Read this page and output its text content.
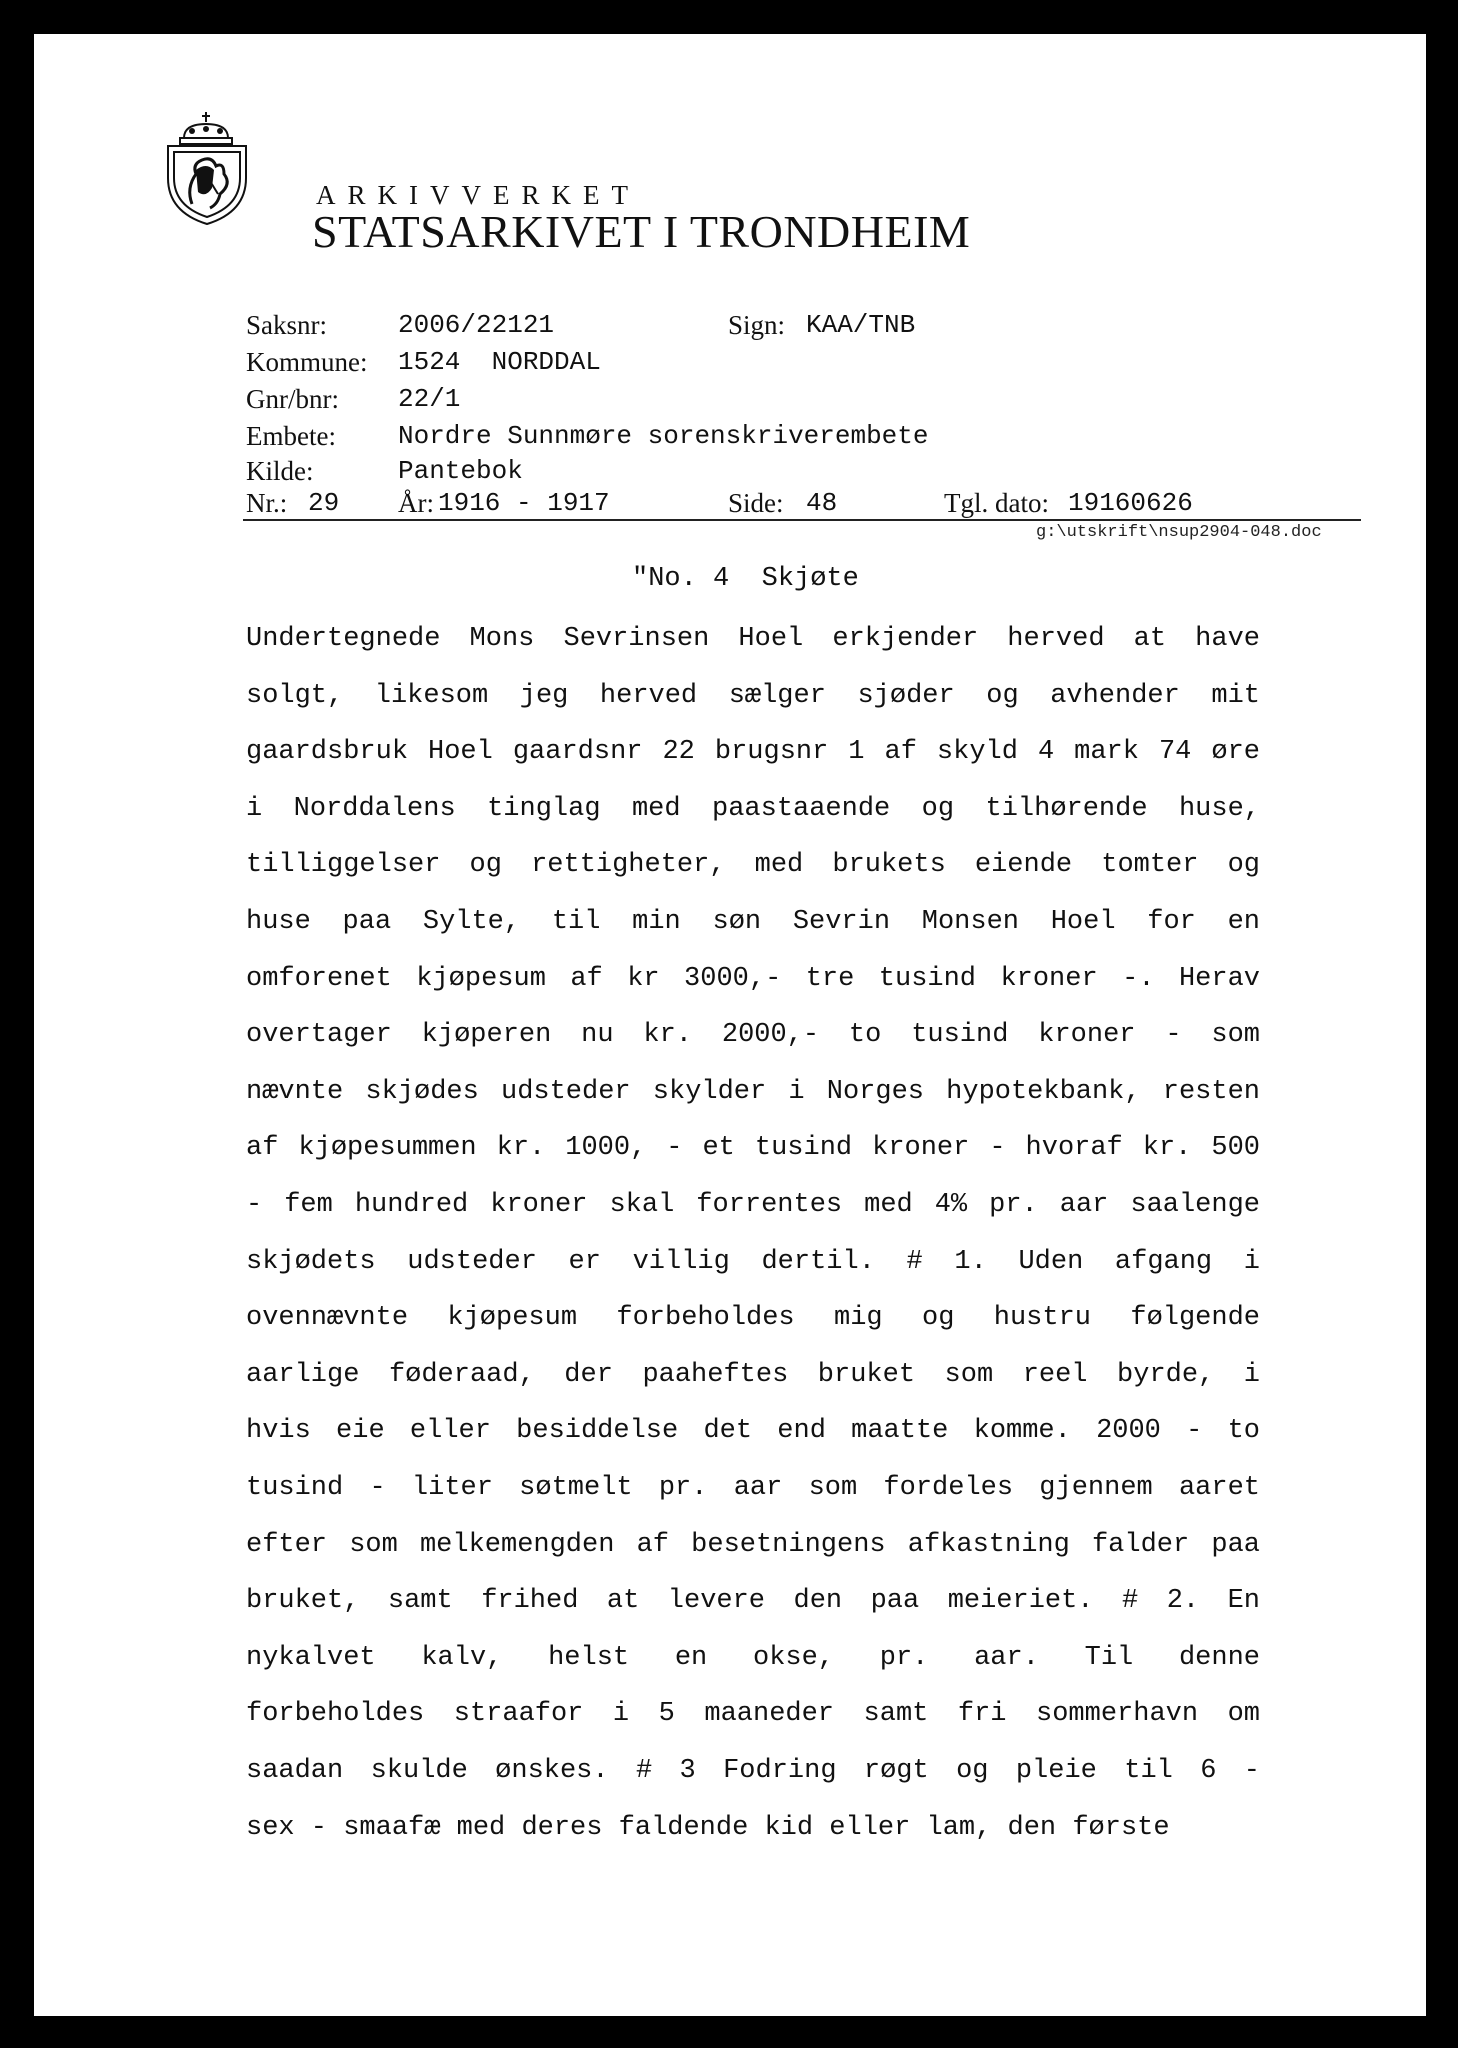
ARKIVVERKET
STATSARKIVET I TRONDHEIM
Saksnr:	2006/22121	Sign: KAA/TNB
Kommune: 1524  NORDDAL
Gnr/bnr: 22/1
Embete: Nordre Sunnmøre sorenskriverembete
Kilde:	Pantebok
Nr.: 29 År: 1916 - 1917	Side: 48	Tgl. dato: 19160626
g:\utskrift\nsup2904-048.doc
"No. 4  Skjøte
Undertegnede Mons Sevrinsen Hoel erkjender herved at have
solgt, likesom jeg herved sælger sjøder og avhender mit
gaardsbruk Hoel gaardsnr 22 brugsnr 1 af skyld 4 mark 74 øre
i Norddalens tinglag med paastaaende og tilhørende huse,
tilliggelser og rettigheter, med brukets eiende tomter og
huse paa Sylte, til min søn Sevrin Monsen Hoel for en
omforenet kjøpesum af kr 3000,- tre tusind kroner -. Herav
overtager kjøperen nu kr. 2000,- to tusind kroner - som
nævnte skjødes udsteder skylder i Norges hypotekbank, resten
af kjøpesummen kr. 1000, - et tusind kroner - hvoraf kr. 500
- fem hundred kroner skal forrentes med 4% pr. aar saalenge
skjødets udsteder er villig dertil. # 1. Uden afgang i
ovennævnte kjøpesum forbeholdes mig og hustru følgende
aarlige føderaad, der paaheftes bruket som reel byrde, i
hvis eie eller besiddelse det end maatte komme. 2000 - to
tusind - liter søtmelt pr. aar som fordeles gjennem aaret
efter som melkemengden af besetningens afkastning falder paa
bruket, samt frihed at levere den paa meieriet. # 2. En
nykalvet kalv, helst en okse, pr. aar. Til denne
forbeholdes straafor i 5 maaneder samt fri sommerhavn om
saadan skulde ønskes. # 3 Fodring røgt og pleie til 6 -
sex - smaafæ med deres faldende kid eller lam, den første
